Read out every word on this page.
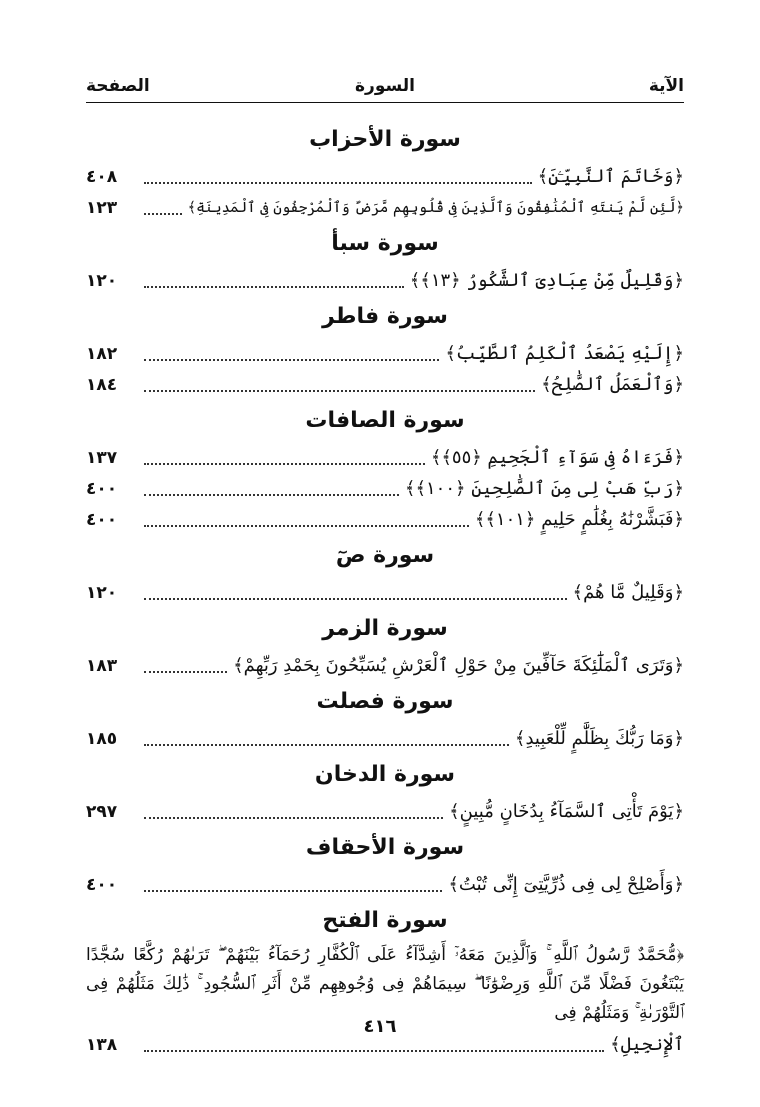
الآية
السورة
الصفحة
سورة الأحزاب
﴿وَخَاتَمَ ٱلنَّبِيِّـۧنَ﴾
٤٠٨
﴿لَّئِن لَّمْ يَنتَهِ ٱلْمُنَٰفِقُونَ وَٱلَّذِينَ فِى قُلُوبِهِم مَّرَضٌ وَٱلْمُرْجِفُونَ فِى ٱلْمَدِينَةِ﴾
١٢٣
سورة سبأ
﴿وَقَلِيلٌ مِّنْ عِبَادِىَ ٱلشَّكُورُ ﴿١٣﴾﴾
١٢٠
سورة فاطر
﴿إِلَيْهِ يَصْعَدُ ٱلْكَلِمُ ٱلطَّيِّبُ﴾
١٨٢
﴿وَٱلْعَمَلُ ٱلصَّٰلِحُ﴾
١٨٤
سورة الصافات
﴿فَرَءَاهُ فِى سَوَآءِ ٱلْجَحِيمِ ﴿٥٥﴾﴾
١٣٧
﴿رَبِّ هَبْ لِى مِنَ ٱلصَّٰلِحِينَ ﴿١٠٠﴾﴾
٤٠٠
﴿فَبَشَّرْنَٰهُ بِغُلَٰمٍ حَلِيمٍ ﴿١٠١﴾﴾
٤٠٠
سورة صٓ
﴿وَقَلِيلٌ مَّا هُمْ﴾
١٢٠
سورة الزمر
﴿وَتَرَى ٱلْمَلَٰٓئِكَةَ حَآفِّينَ مِنْ حَوْلِ ٱلْعَرْشِ يُسَبِّحُونَ بِحَمْدِ رَبِّهِمْ﴾
١٨٣
سورة فصلت
﴿وَمَا رَبُّكَ بِظَلَّٰمٍ لِّلْعَبِيدِ﴾
١٨٥
سورة الدخان
﴿يَوْمَ تَأْتِى ٱلسَّمَآءُ بِدُخَانٍ مُّبِينٍ﴾
٢٩٧
سورة الأحقاف
﴿وَأَصْلِحْ لِى فِى ذُرِّيَّتِىٓ إِنِّى تُبْتُ﴾
٤٠٠
سورة الفتح
﴿مُّحَمَّدٌ رَّسُولُ ٱللَّهِ ۚ وَٱلَّذِينَ مَعَهُۥٓ أَشِدَّآءُ عَلَى ٱلْكُفَّارِ رُحَمَآءُ بَيْنَهُمْ ۖ تَرَىٰهُمْ رُكَّعًا سُجَّدًا يَبْتَغُونَ فَضْلًا مِّنَ ٱللَّهِ وَرِضْوَٰنًا ۖ سِيمَاهُمْ فِى وُجُوهِهِم مِّنْ أَثَرِ ٱلسُّجُودِ ۚ ذَٰلِكَ مَثَلُهُمْ فِى ٱلتَّوْرَىٰةِ ۚ وَمَثَلُهُمْ فِى
ٱلْإِنجِيلِ﴾
١٣٨
٤١٦
